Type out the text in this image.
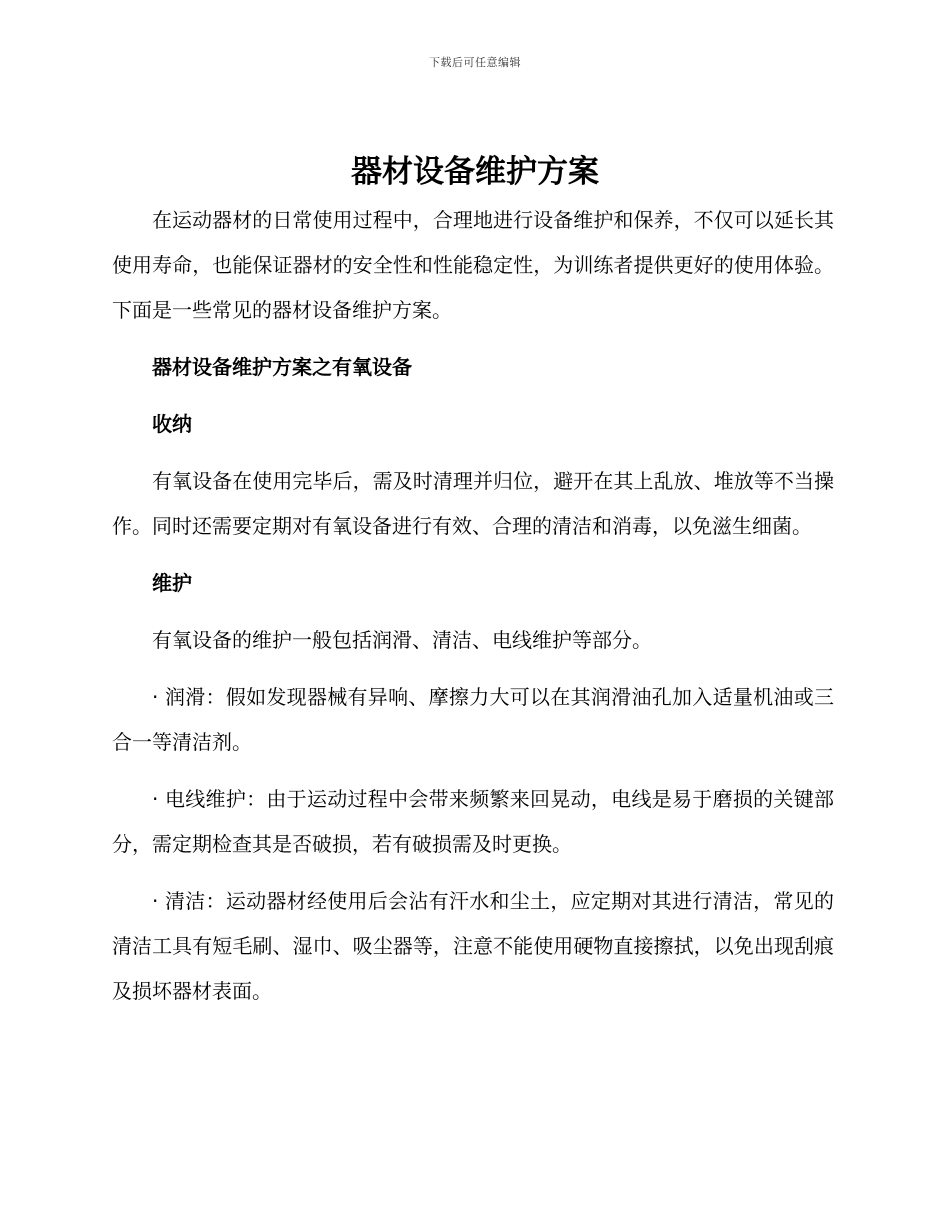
下载后可任意编辑
器材设备维护方案

在运动器材的日常使用过程中，合理地进行设备维护和保养，不仅可以延长其使用寿命，也能保证器材的安全性和性能稳定性，为训练者提供更好的使用体验。下面是一些常见的器材设备维护方案。

器材设备维护方案之有氧设备

收纳

有氧设备在使用完毕后，需及时清理并归位，避开在其上乱放、堆放等不当操作。同时还需要定期对有氧设备进行有效、合理的清洁和消毒，以免滋生细菌。

维护

有氧设备的维护一般包括润滑、清洁、电线维护等部分。

· 润滑：假如发现器械有异响、摩擦力大可以在其润滑油孔加入适量机油或三合一等清洁剂。

· 电线维护：由于运动过程中会带来频繁来回晃动，电线是易于磨损的关键部分，需定期检查其是否破损，若有破损需及时更换。

· 清洁：运动器材经使用后会沾有汗水和尘土，应定期对其进行清洁，常见的清洁工具有短毛刷、湿巾、吸尘器等，注意不能使用硬物直接擦拭，以免出现刮痕及损坏器材表面。
